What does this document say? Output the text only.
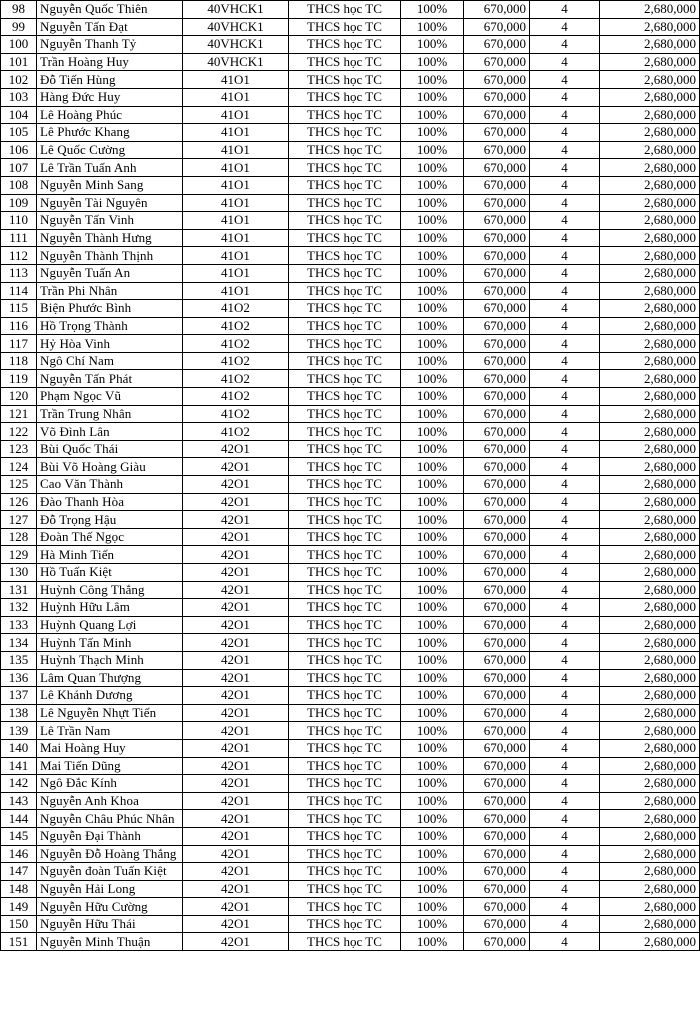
98	Nguyễn Quốc Thiên	40VHCK1	THCS học TC	100%	670,000	4	2,680,000
99	Nguyễn Tấn Đạt	40VHCK1	THCS học TC	100%	670,000	4	2,680,000
100	Nguyễn Thanh Tỷ	40VHCK1	THCS học TC	100%	670,000	4	2,680,000
101	Trần Hoàng Huy	40VHCK1	THCS học TC	100%	670,000	4	2,680,000
102	Đỗ Tiến Hùng	41O1	THCS học TC	100%	670,000	4	2,680,000
103	Hàng Đức Huy	41O1	THCS học TC	100%	670,000	4	2,680,000
104	Lê Hoàng Phúc	41O1	THCS học TC	100%	670,000	4	2,680,000
105	Lê Phước Khang	41O1	THCS học TC	100%	670,000	4	2,680,000
106	Lê Quốc Cường	41O1	THCS học TC	100%	670,000	4	2,680,000
107	Lê Trần Tuấn Anh	41O1	THCS học TC	100%	670,000	4	2,680,000
108	Nguyễn Minh Sang	41O1	THCS học TC	100%	670,000	4	2,680,000
109	Nguyễn Tài Nguyên	41O1	THCS học TC	100%	670,000	4	2,680,000
110	Nguyễn Tấn Vinh	41O1	THCS học TC	100%	670,000	4	2,680,000
111	Nguyễn Thành Hưng	41O1	THCS học TC	100%	670,000	4	2,680,000
112	Nguyễn Thành Thịnh	41O1	THCS học TC	100%	670,000	4	2,680,000
113	Nguyễn Tuấn An	41O1	THCS học TC	100%	670,000	4	2,680,000
114	Trần Phi Nhân	41O1	THCS học TC	100%	670,000	4	2,680,000
115	Biện Phước Bình	41O2	THCS học TC	100%	670,000	4	2,680,000
116	Hồ Trọng Thành	41O2	THCS học TC	100%	670,000	4	2,680,000
117	Hỷ Hòa Vinh	41O2	THCS học TC	100%	670,000	4	2,680,000
118	Ngô Chí Nam	41O2	THCS học TC	100%	670,000	4	2,680,000
119	Nguyễn Tấn Phát	41O2	THCS học TC	100%	670,000	4	2,680,000
120	Phạm Ngọc Vũ	41O2	THCS học TC	100%	670,000	4	2,680,000
121	Trần Trung Nhân	41O2	THCS học TC	100%	670,000	4	2,680,000
122	Võ Đình Lân	41O2	THCS học TC	100%	670,000	4	2,680,000
123	Bùi Quốc Thái	42O1	THCS học TC	100%	670,000	4	2,680,000
124	Bùi Võ Hoàng Giàu	42O1	THCS học TC	100%	670,000	4	2,680,000
125	Cao Văn Thành	42O1	THCS học TC	100%	670,000	4	2,680,000
126	Đào Thanh Hòa	42O1	THCS học TC	100%	670,000	4	2,680,000
127	Đỗ Trọng Hậu	42O1	THCS học TC	100%	670,000	4	2,680,000
128	Đoàn Thế Ngọc	42O1	THCS học TC	100%	670,000	4	2,680,000
129	Hà Minh Tiến	42O1	THCS học TC	100%	670,000	4	2,680,000
130	Hồ Tuấn Kiệt	42O1	THCS học TC	100%	670,000	4	2,680,000
131	Huỳnh Công Thắng	42O1	THCS học TC	100%	670,000	4	2,680,000
132	Huỳnh Hữu Lâm	42O1	THCS học TC	100%	670,000	4	2,680,000
133	Huỳnh Quang Lợi	42O1	THCS học TC	100%	670,000	4	2,680,000
134	Huỳnh Tấn Minh	42O1	THCS học TC	100%	670,000	4	2,680,000
135	Huỳnh Thạch Minh	42O1	THCS học TC	100%	670,000	4	2,680,000
136	Lâm Quan Thượng	42O1	THCS học TC	100%	670,000	4	2,680,000
137	Lê Khánh Dương	42O1	THCS học TC	100%	670,000	4	2,680,000
138	Lê Nguyễn Nhựt Tiến	42O1	THCS học TC	100%	670,000	4	2,680,000
139	Lê Trần Nam	42O1	THCS học TC	100%	670,000	4	2,680,000
140	Mai Hoàng Huy	42O1	THCS học TC	100%	670,000	4	2,680,000
141	Mai Tiến Dũng	42O1	THCS học TC	100%	670,000	4	2,680,000
142	Ngô Đắc Kính	42O1	THCS học TC	100%	670,000	4	2,680,000
143	Nguyễn Anh Khoa	42O1	THCS học TC	100%	670,000	4	2,680,000
144	Nguyễn Châu Phúc Nhân	42O1	THCS học TC	100%	670,000	4	2,680,000
145	Nguyễn Đại Thành	42O1	THCS học TC	100%	670,000	4	2,680,000
146	Nguyễn Đỗ Hoàng Thắng	42O1	THCS học TC	100%	670,000	4	2,680,000
147	Nguyễn đoàn Tuấn Kiệt	42O1	THCS học TC	100%	670,000	4	2,680,000
148	Nguyễn Hải Long	42O1	THCS học TC	100%	670,000	4	2,680,000
149	Nguyễn Hữu Cường	42O1	THCS học TC	100%	670,000	4	2,680,000
150	Nguyễn Hữu Thái	42O1	THCS học TC	100%	670,000	4	2,680,000
151	Nguyễn Minh Thuận	42O1	THCS học TC	100%	670,000	4	2,680,000
